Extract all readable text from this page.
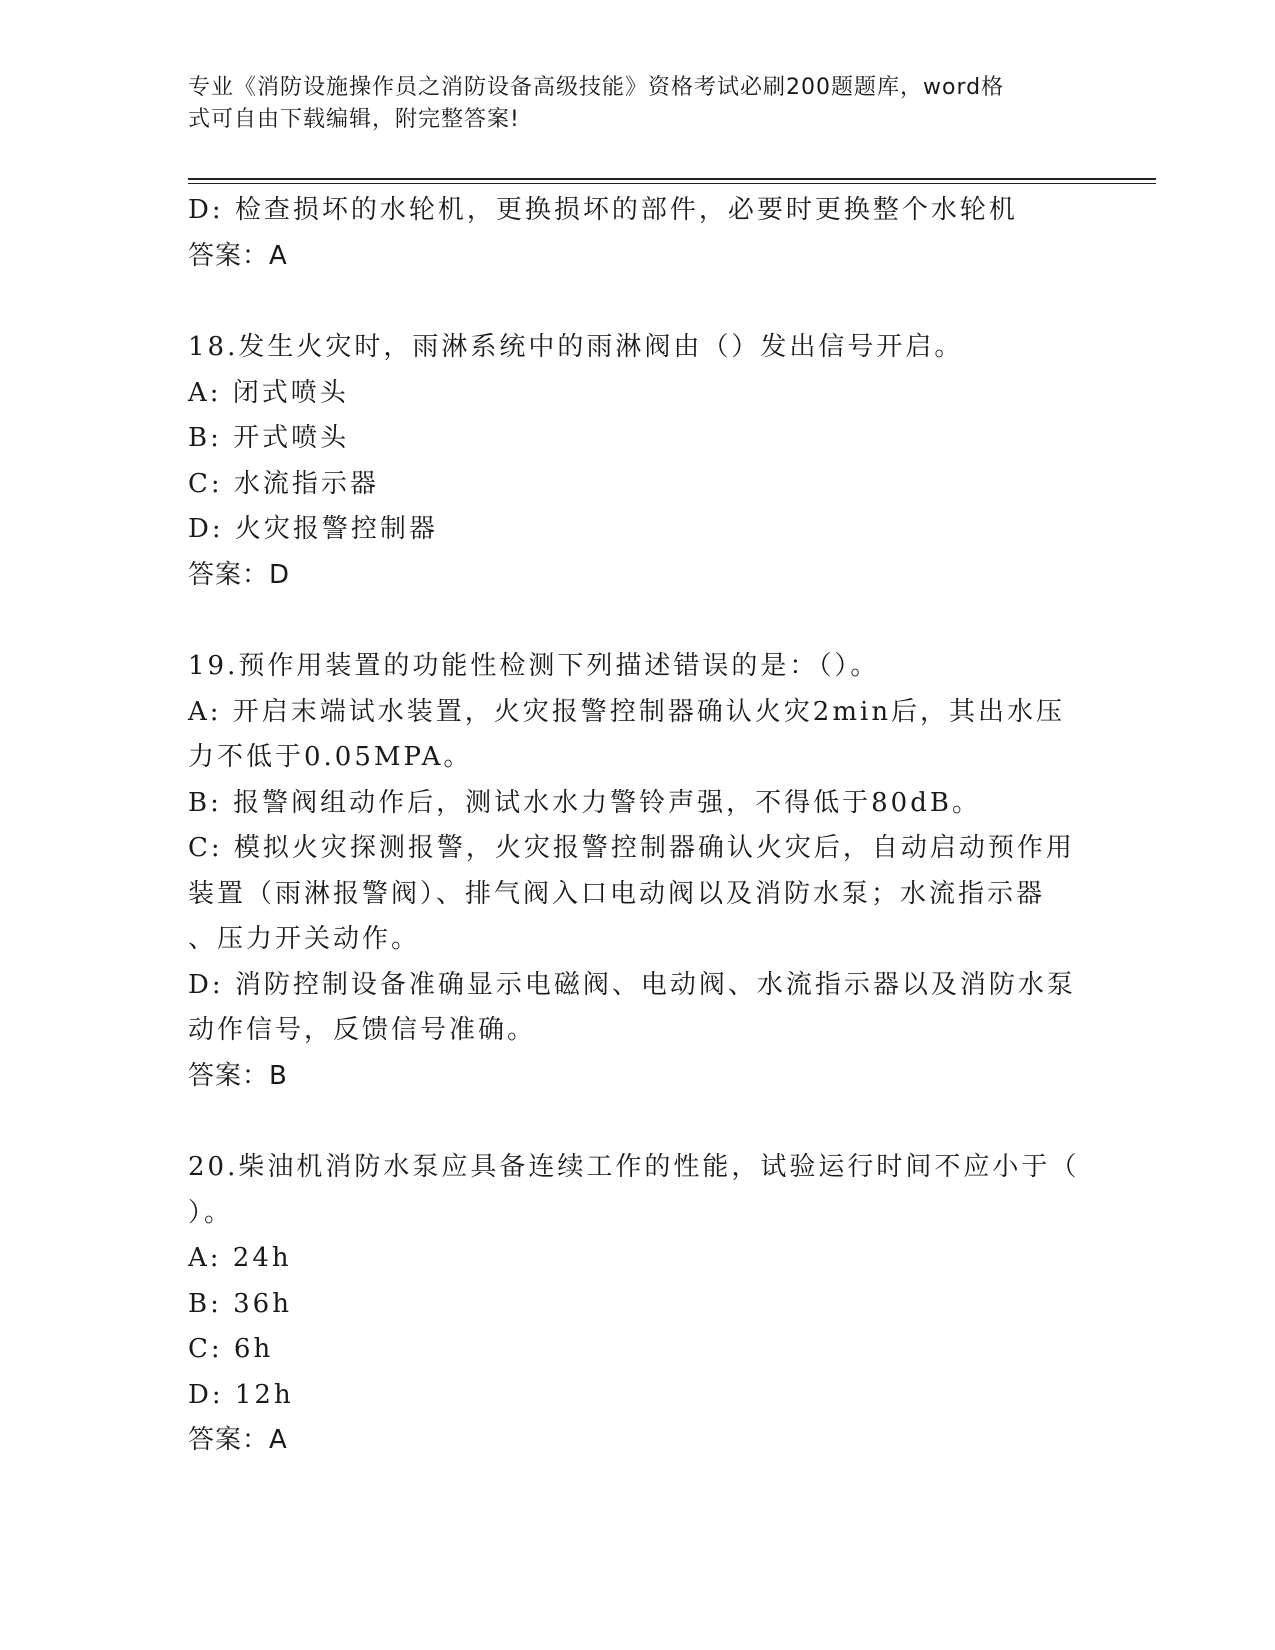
专业《消防设施操作员之消防设备高级技能》资格考试必刷200题题库，word格
式可自由下载编辑，附完整答案!
D: 检查损坏的水轮机，更换损坏的部件，必要时更换整个水轮机
答案：A
18.发生火灾时，雨淋系统中的雨淋阀由（）发出信号开启。
A: 闭式喷头
B: 开式喷头
C: 水流指示器
D: 火灾报警控制器
答案：D
19.预作用装置的功能性检测下列描述错误的是：（）。
A: 开启末端试水装置，火灾报警控制器确认火灾2min后，其出水压
力不低于0.05MPA。
B: 报警阀组动作后，测试水水力警铃声强，不得低于80dB。
C: 模拟火灾探测报警，火灾报警控制器确认火灾后，自动启动预作用
装置（雨淋报警阀）、排气阀入口电动阀以及消防水泵；水流指示器
、压力开关动作。
D: 消防控制设备准确显示电磁阀、电动阀、水流指示器以及消防水泵
动作信号，反馈信号准确。
答案：B
20.柴油机消防水泵应具备连续工作的性能，试验运行时间不应小于（
）。
A: 24h
B: 36h
C: 6h
D: 12h
答案：A
